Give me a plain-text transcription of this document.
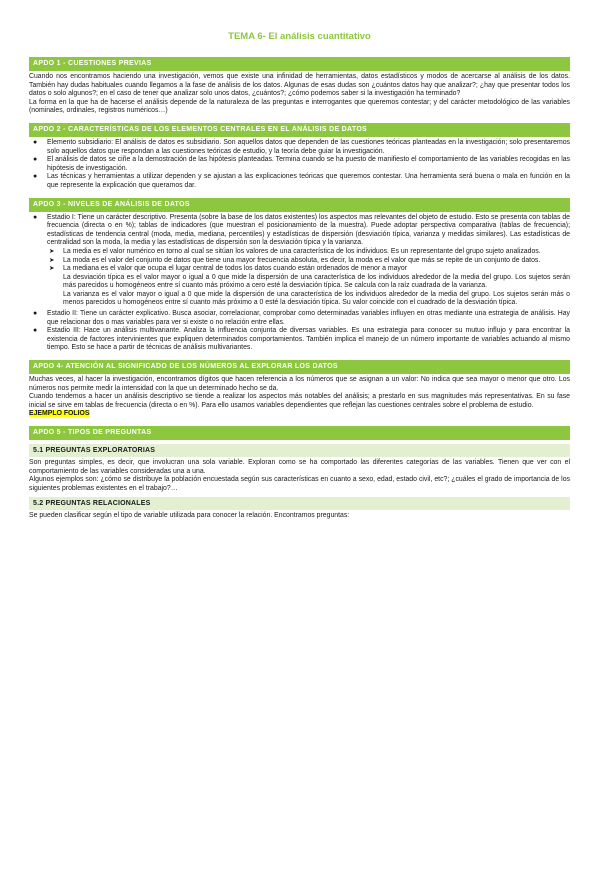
TEMA 6- El análisis cuantitativo
APDO 1 - CUESTIONES PREVIAS

Cuando nos encontramos haciendo una investigación, vemos que existe una infinidad de herramientas, datos estadísticos y modos de acercarse al análisis de los datos. También hay dudas habituales cuando llegamos a la fase de análisis de los datos. Algunas de esas dudas son ¿cuántos datos hay que analizar?; ¿hay que presentar todos los datos o solo algunos?; en el caso de tener que analizar solo unos datos, ¿cuántos?; ¿cómo podemos saber si la investigación ha terminado?

La forma en la que ha de hacerse el análisis depende de la naturaleza de las preguntas e interrogantes que queremos contestar; y del carácter metodológico de las variables (nominales, ordinales, registros numéricos…)

APDO 2 - CARACTERÍSTICAS DE LOS ELEMENTOS CENTRALES EN EL ANÁLISIS DE DATOS
● Elemento subsidiario: El análisis de datos es subsidiario. Son aquellos datos que dependen de las cuestiones teóricas planteadas en la investigación; solo presentaremos solo aquellos datos que respondan a las cuestiones teóricas de estudio, y la teoría debe guiar la investigación.
● El análisis de datos se ciñe a la demostración de las hipótesis planteadas. Termina cuando se ha puesto de manifiesto el comportamiento de las variables recogidas en las hipótesis de investigación.
● Las técnicas y herramientas a utilizar dependen y se ajustan a las explicaciones teóricas que queremos contestar. Una herramienta será buena o mala en función en la que represente la explicación que queramos dar.
APDO 3 - NIVELES DE ANÁLISIS DE DATOS
● Estadio I: Tiene un carácter descriptivo. Presenta (sobre la base de los datos existentes) los aspectos mas relevantes del objeto de estudio. Esto se presenta con tablas de frecuencia (directa o en %); tablas de indicadores (que muestran el posicionamiento de la muestra). Puede adoptar perspectiva comparativa (tablas de frecuencia); estadísticas de tendencia central (moda, media, mediana, percentiles) y estadísticas de dispersión (desviación típica, varianza y medidas similares). Las estadísticas de centralidad son la moda, la media y las estadísticas de dispersión son la desviación típica y la varianza.
➤ La media es el valor numérico en torno al cual se sitúan los valores de una característica de los individuos. Es un representante del grupo sujeto analizados.
➤ La moda es el valor del conjunto de datos que tiene una mayor frecuencia absoluta, es decir, la moda es el valor que más se repite de un conjunto de datos.
➤ La mediana es el valor que ocupa el lugar central de todos los datos cuando están ordenados de menor a mayor

La desviación típica es el valor mayor o igual a 0 que mide la dispersión de una característica de los individuos alrededor de la media del grupo. Los sujetos serán más parecidos u homogéneos entre sí cuanto más próximo a cero esté la desviación típica. Se calcula con la raíz cuadrada de la varianza.

La varianza es el valor mayor o igual a 0 que mide la dispersión de una característica de los individuos alrededor de la media del grupo. Los sujetos serán más o menos parecidos u homogéneos entre sí cuanto más próximo a 0 esté la desviación típica. Su valor coincide con el cuadrado de la desviación típica.

● Estadio II: Tiene un carácter explicativo. Busca asociar, correlacionar, comprobar como determinadas variables influyen en otras mediante una estrategia de análisis. Hay que relacionar dos o mas variables para ver si existe o no relación entre ellas.
● Estadio III: Hace un análisis multivariante. Analiza la influencia conjunta de diversas variables. Es una estrategia para conocer su mutuo influjo y para encontrar la existencia de factores intervinientes que expliquen determinados comportamientos. También implica el manejo de un número importante de variables actuando al mismo tiempo. Esto se hace a partir de técnicas de análisis multivariantes.
APDO 4- ATENCIÓN AL SIGNIFICADO DE LOS NÚMEROS AL EXPLORAR LOS DATOS

Muchas veces, al hacer la investigación, encontramos dígitos que hacen referencia a los números que se asignan a un valor: No indica que sea mayor o menor que otro. Los números nos permite medir la intensidad con la que un determinado hecho se da.

Cuando tendemos a hacer un análisis descriptivo se tiende a realizar los aspectos más notables del análisis; a prestarlo en sus magnitudes más representativas. En su fase inicial se sirve em tablas de frecuencia (directa o en %). Para ello usamos variables dependientes que reflejan las cuestiones centrales sobre el problema de estudio.

EJEMPLO FOLIOS

APDO 5 - TIPOS DE PREGUNTAS
5.1 PREGUNTAS EXPLORATORIAS

Son preguntas simples, es decir, que involucran una sola variable. Exploran como se ha comportado las diferentes categorías de las variables. Tienen que ver con el comportamiento de las variables consideradas una a una.

Algunos ejemplos son: ¿cómo se distribuye la población encuestada según sus características en cuanto a sexo, edad, estado civil, etc?; ¿cuáles el grado de importancia de los siguientes problemas existentes en el trabajo?…

5.2 PREGUNTAS RELACIONALES

Se pueden clasificar según el tipo de variable utilizada para conocer la relación. Encontramos preguntas:
